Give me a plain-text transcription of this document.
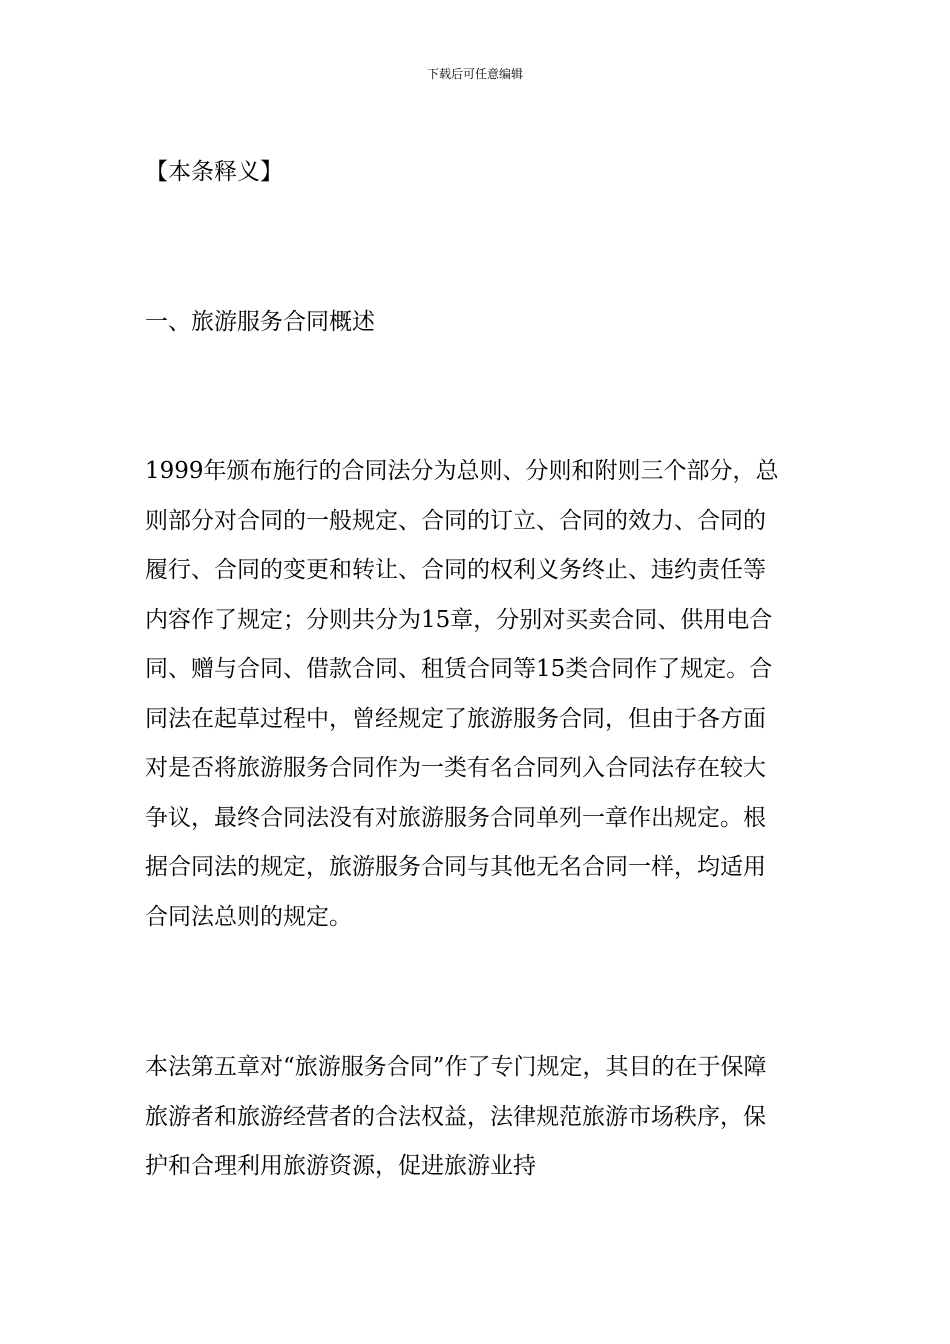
下载后可任意编辑
【本条释义】
一、旅游服务合同概述
1999年颁布施行的合同法分为总则、分则和附则三个部分，总
则部分对合同的一般规定、合同的订立、合同的效力、合同的
履行、合同的变更和转让、合同的权利义务终止、违约责任等
内容作了规定；分则共分为15章，分别对买卖合同、供用电合
同、赠与合同、借款合同、租赁合同等15类合同作了规定。合
同法在起草过程中，曾经规定了旅游服务合同，但由于各方面
对是否将旅游服务合同作为一类有名合同列入合同法存在较大
争议，最终合同法没有对旅游服务合同单列一章作出规定。根
据合同法的规定，旅游服务合同与其他无名合同一样，均适用
合同法总则的规定。
本法第五章对“旅游服务合同”作了专门规定，其目的在于保障
旅游者和旅游经营者的合法权益，法律规范旅游市场秩序，保
护和合理利用旅游资源，促进旅游业持
